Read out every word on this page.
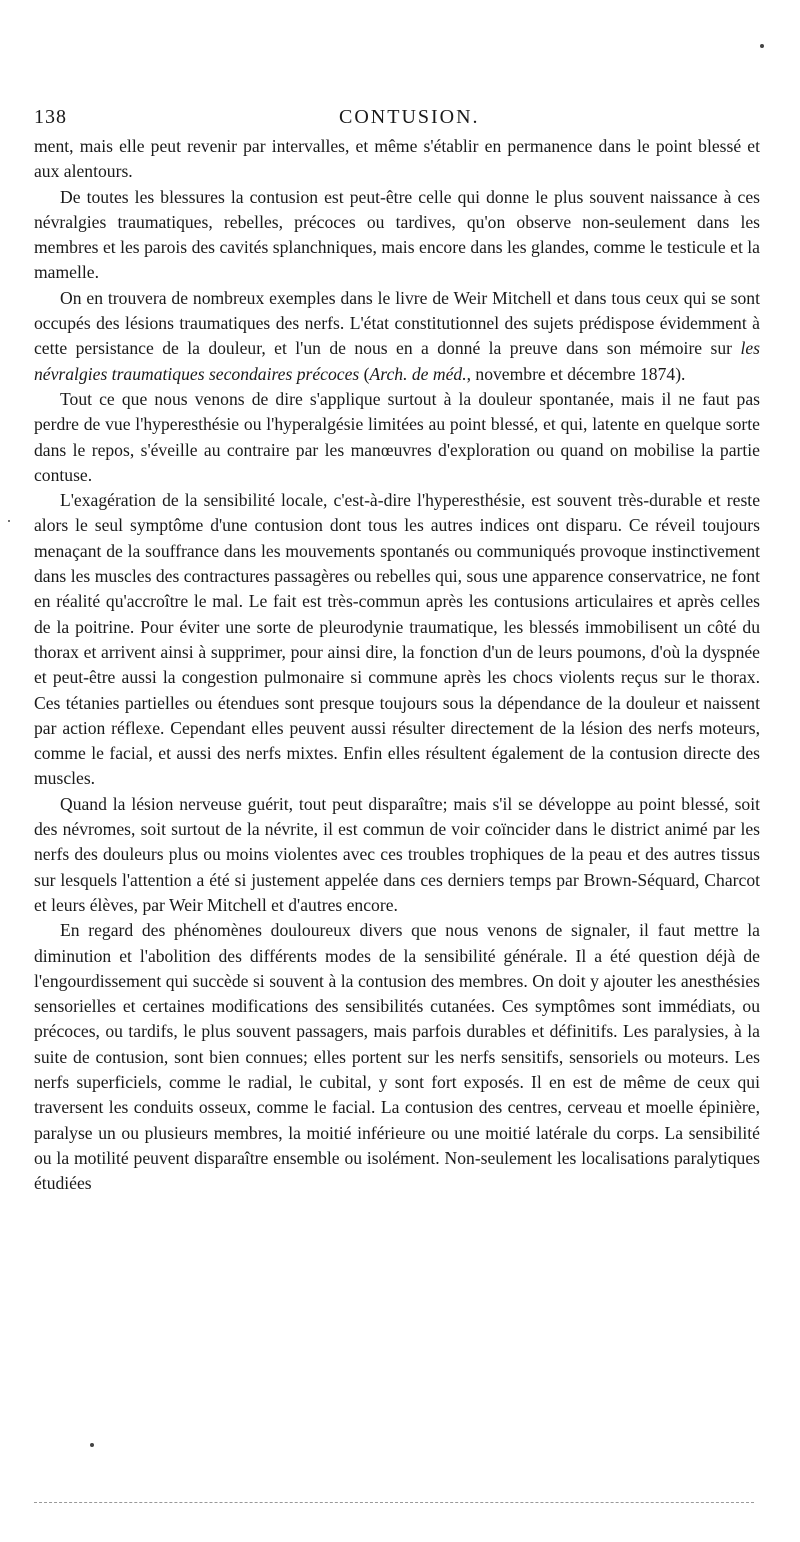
138	CONTUSION.

ment, mais elle peut revenir par intervalles, et même s'établir en permanence dans le point blessé et aux alentours.

De toutes les blessures la contusion est peut-être celle qui donne le plus souvent naissance à ces névralgies traumatiques, rebelles, précoces ou tardives, qu'on observe non-seulement dans les membres et les parois des cavités splanchniques, mais encore dans les glandes, comme le testicule et la mamelle.

On en trouvera de nombreux exemples dans le livre de Weir Mitchell et dans tous ceux qui se sont occupés des lésions traumatiques des nerfs. L'état constitutionnel des sujets prédispose évidemment à cette persistance de la douleur, et l'un de nous en a donné la preuve dans son mémoire sur les névralgies traumatiques secondaires précoces (Arch. de méd., novembre et décembre 1874).

Tout ce que nous venons de dire s'applique surtout à la douleur spontanée, mais il ne faut pas perdre de vue l'hyperesthésie ou l'hyperalgésie limitées au point blessé, et qui, latente en quelque sorte dans le repos, s'éveille au contraire par les manœuvres d'exploration ou quand on mobilise la partie contuse.

L'exagération de la sensibilité locale, c'est-à-dire l'hyperesthésie, est souvent très-durable et reste alors le seul symptôme d'une contusion dont tous les autres indices ont disparu. Ce réveil toujours menaçant de la souffrance dans les mouvements spontanés ou communiqués provoque instinctivement dans les muscles des contractures passagères ou rebelles qui, sous une apparence conservatrice, ne font en réalité qu'accroître le mal. Le fait est très-commun après les contusions articulaires et après celles de la poitrine. Pour éviter une sorte de pleurodynie traumatique, les blessés immobilisent un côté du thorax et arrivent ainsi à supprimer, pour ainsi dire, la fonction d'un de leurs poumons, d'où la dyspnée et peut-être aussi la congestion pulmonaire si commune après les chocs violents reçus sur le thorax. Ces tétanies partielles ou étendues sont presque toujours sous la dépendance de la douleur et naissent par action réflexe. Cependant elles peuvent aussi résulter directement de la lésion des nerfs moteurs, comme le facial, et aussi des nerfs mixtes. Enfin elles résultent également de la contusion directe des muscles.

Quand la lésion nerveuse guérit, tout peut disparaître; mais s'il se développe au point blessé, soit des névromes, soit surtout de la névrite, il est commun de voir coïncider dans le district animé par les nerfs des douleurs plus ou moins violentes avec ces troubles trophiques de la peau et des autres tissus sur lesquels l'attention a été si justement appelée dans ces derniers temps par Brown-Séquard, Charcot et leurs élèves, par Weir Mitchell et d'autres encore.

En regard des phénomènes douloureux divers que nous venons de signaler, il faut mettre la diminution et l'abolition des différents modes de la sensibilité générale. Il a été question déjà de l'engourdissement qui succède si souvent à la contusion des membres. On doit y ajouter les anesthésies sensorielles et certaines modifications des sensibilités cutanées. Ces symptômes sont immédiats, ou précoces, ou tardifs, le plus souvent passagers, mais parfois durables et définitifs. Les paralysies, à la suite de contusion, sont bien connues; elles portent sur les nerfs sensitifs, sensoriels ou moteurs. Les nerfs superficiels, comme le radial, le cubital, y sont fort exposés. Il en est de même de ceux qui traversent les conduits osseux, comme le facial. La contusion des centres, cerveau et moelle épinière, paralyse un ou plusieurs membres, la moitié inférieure ou une moitié latérale du corps. La sensibilité ou la motilité peuvent disparaître ensemble ou isolément. Non-seulement les localisations paralytiques étudiées
